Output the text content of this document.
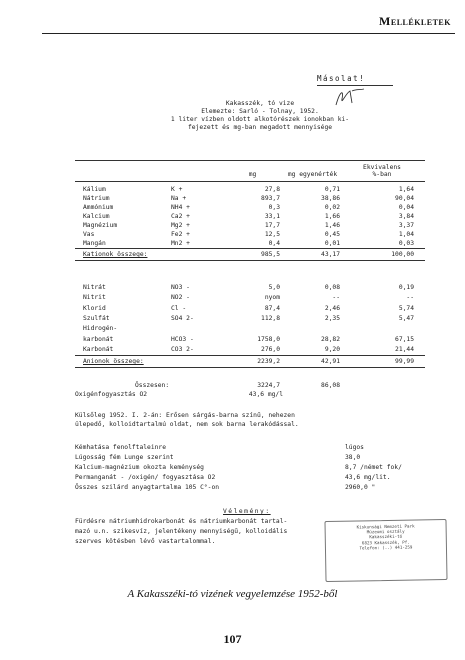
Mellékletek
Másolat!
Kakasszék, tó vize
Elemezte: Sarló - Tolnay, 1952.
1 liter vízben oldott alkotórészek ionokban ki-
fejezett és mg-ban megadott mennyisége
Ekvivalens
mg	mg egyenérték	%-ban
Kálium	K +	27,8	0,71	1,64
Nátrium	Na +	893,7	38,86	90,04
Ammónium	NH4 +	0,3	0,02	0,04
Kalcium	Ca2 +	33,1	1,66	3,84
Magnézium	Mg2 +	17,7	1,46	3,37
Vas	Fe2 +	12,5	0,45	1,04
Mangán	Mn2 +	0,4	0,01	0,03
Kationok összege:	985,5	43,17	100,00
Nitrát	NO3 -	5,0	0,08	0,19
Nitrit	NO2 -	nyom	--	--
Klorid	Cl -	87,4	2,46	5,74
Szulfát	SO4 2-	112,8	2,35	5,47
Hidrogén-
karbonát	HCO3 -	1758,0	28,82	67,15
Karbonát	CO3 2-	276,0	9,20	21,44
Anionok összege:	2239,2	42,91	99,99
Összesen:	3224,7	86,08
Oxigénfogyasztás O2	43,6 mg/l
Külsőleg 1952. I. 2-án: Erősen sárgás-barna színű, nehezen
ülepedő, kolloidtartalmú oldat, nem sok barna lerakódással.
Kémhatása fenolftaleinre	lúgos
Lúgosság fém Lunge szerint	38,0
Kalcium-magnézium okozta keménység	8,7 /német fok/
Permanganát - /oxigén/ fogyasztása O2	43,6 mg/lit.
Összes szilárd anyagtartalma 105 C°-on	2960,0 "
Vélemény:
Fürdésre nátriumhidrokarbonát és nátriumkarbonát tartal-
mazó u.n. szikesvíz, jelentékeny mennyiségű, kolloidális
szerves kötésben lévő vastartalommal.
Kiskunsági Nemzeti Park
Múzeumi osztály
Kakasszéki-tó
6823 Kakasszék, Pf.
Telefon: (..) 441-259
A Kakasszéki-tó vizének vegyelemzése 1952-ből
107
